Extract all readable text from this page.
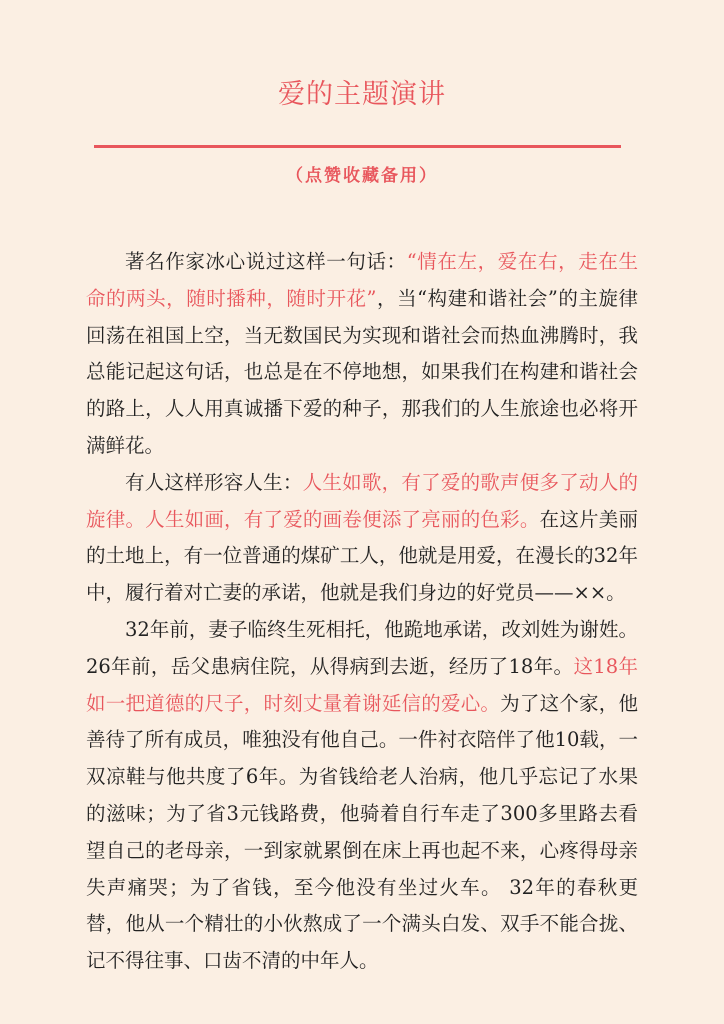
爱的主题演讲
（点赞收藏备用）

著名作家冰心说过这样一句话：“情在左，爱在右，走在生命的两头，随时播种，随时开花”，当“构建和谐社会”的主旋律回荡在祖国上空，当无数国民为实现和谐社会而热血沸腾时，我总能记起这句话，也总是在不停地想，如果我们在构建和谐社会的路上，人人用真诚播下爱的种子，那我们的人生旅途也必将开满鲜花。

有人这样形容人生：人生如歌，有了爱的歌声便多了动人的旋律。人生如画，有了爱的画卷便添了亮丽的色彩。在这片美丽的土地上，有一位普通的煤矿工人，他就是用爱，在漫长的32年中，履行着对亡妻的承诺，他就是我们身边的好党员——××。

32年前，妻子临终生死相托，他跪地承诺，改刘姓为谢姓。26年前，岳父患病住院，从得病到去逝，经历了18年。这18年如一把道德的尺子，时刻丈量着谢延信的爱心。为了这个家，他善待了所有成员，唯独没有他自己。一件衬衣陪伴了他10载，一双凉鞋与他共度了6年。为省钱给老人治病，他几乎忘记了水果的滋味；为了省3元钱路费，他骑着自行车走了300多里路去看望自己的老母亲，一到家就累倒在床上再也起不来，心疼得母亲失声痛哭；为了省钱，至今他没有坐过火车。 32年的春秋更替，他从一个精壮的小伙熬成了一个满头白发、双手不能合拢、记不得往事、口齿不清的中年人。
